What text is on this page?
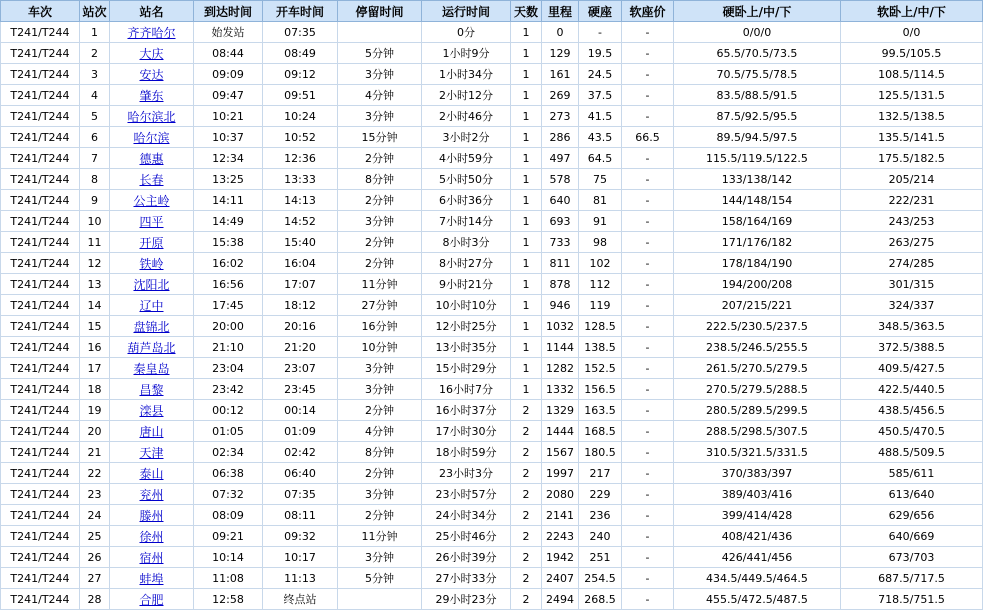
车次	站次	站名	到达时间	开车时间	停留时间	运行时间	天数	里程	硬座	软座价	硬卧上/中/下	软卧上/中/下
T241/T244	1	齐齐哈尔	始发站	07:35		0分	1	0	-	-	0/0/0	0/0
T241/T244	2	大庆	08:44	08:49	5分钟	1小时9分	1	129	19.5	-	65.5/70.5/73.5	99.5/105.5
T241/T244	3	安达	09:09	09:12	3分钟	1小时34分	1	161	24.5	-	70.5/75.5/78.5	108.5/114.5
T241/T244	4	肇东	09:47	09:51	4分钟	2小时12分	1	269	37.5	-	83.5/88.5/91.5	125.5/131.5
T241/T244	5	哈尔滨北	10:21	10:24	3分钟	2小时46分	1	273	41.5	-	87.5/92.5/95.5	132.5/138.5
T241/T244	6	哈尔滨	10:37	10:52	15分钟	3小时2分	1	286	43.5	66.5	89.5/94.5/97.5	135.5/141.5
T241/T244	7	德惠	12:34	12:36	2分钟	4小时59分	1	497	64.5	-	115.5/119.5/122.5	175.5/182.5
T241/T244	8	长春	13:25	13:33	8分钟	5小时50分	1	578	75	-	133/138/142	205/214
T241/T244	9	公主岭	14:11	14:13	2分钟	6小时36分	1	640	81	-	144/148/154	222/231
T241/T244	10	四平	14:49	14:52	3分钟	7小时14分	1	693	91	-	158/164/169	243/253
T241/T244	11	开原	15:38	15:40	2分钟	8小时3分	1	733	98	-	171/176/182	263/275
T241/T244	12	铁岭	16:02	16:04	2分钟	8小时27分	1	811	102	-	178/184/190	274/285
T241/T244	13	沈阳北	16:56	17:07	11分钟	9小时21分	1	878	112	-	194/200/208	301/315
T241/T244	14	辽中	17:45	18:12	27分钟	10小时10分	1	946	119	-	207/215/221	324/337
T241/T244	15	盘锦北	20:00	20:16	16分钟	12小时25分	1	1032	128.5	-	222.5/230.5/237.5	348.5/363.5
T241/T244	16	葫芦岛北	21:10	21:20	10分钟	13小时35分	1	1144	138.5	-	238.5/246.5/255.5	372.5/388.5
T241/T244	17	秦皇岛	23:04	23:07	3分钟	15小时29分	1	1282	152.5	-	261.5/270.5/279.5	409.5/427.5
T241/T244	18	昌黎	23:42	23:45	3分钟	16小时7分	1	1332	156.5	-	270.5/279.5/288.5	422.5/440.5
T241/T244	19	滦县	00:12	00:14	2分钟	16小时37分	2	1329	163.5	-	280.5/289.5/299.5	438.5/456.5
T241/T244	20	唐山	01:05	01:09	4分钟	17小时30分	2	1444	168.5	-	288.5/298.5/307.5	450.5/470.5
T241/T244	21	天津	02:34	02:42	8分钟	18小时59分	2	1567	180.5	-	310.5/321.5/331.5	488.5/509.5
T241/T244	22	泰山	06:38	06:40	2分钟	23小时3分	2	1997	217	-	370/383/397	585/611
T241/T244	23	兖州	07:32	07:35	3分钟	23小时57分	2	2080	229	-	389/403/416	613/640
T241/T244	24	滕州	08:09	08:11	2分钟	24小时34分	2	2141	236	-	399/414/428	629/656
T241/T244	25	徐州	09:21	09:32	11分钟	25小时46分	2	2243	240	-	408/421/436	640/669
T241/T244	26	宿州	10:14	10:17	3分钟	26小时39分	2	1942	251	-	426/441/456	673/703
T241/T244	27	蚌埠	11:08	11:13	5分钟	27小时33分	2	2407	254.5	-	434.5/449.5/464.5	687.5/717.5
T241/T244	28	合肥	12:58	终点站		29小时23分	2	2494	268.5	-	455.5/472.5/487.5	718.5/751.5
